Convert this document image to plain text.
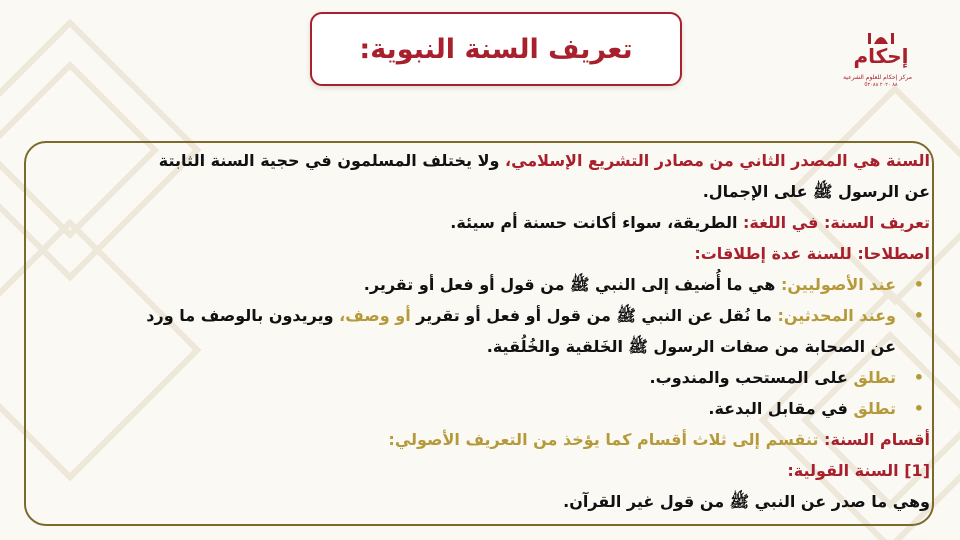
تعريف السنة النبوية:	إحكام
مركز إحكام للعلوم الشرعية
0٨٨ ٢٠٢٠ ٢٠٨٨
السنة هي المصدر الثاني من مصادر التشريع الإسلامي، ولا يختلف المسلمون في حجية السنة الثابتة
عن الرسول ﷺ على الإجمال.
تعريف السنة: في اللغة: الطريقة، سواء أكانت حسنة أم سيئة.
اصطلاحا: للسنة عدة إطلاقات:
• عند الأصوليين: هي ما أُضيف إلى النبي ﷺ من قول أو فعل أو تقرير.
• وعند المحدثين: ما نُقل عن النبي ﷺ من قول أو فعل أو تقرير أو وصف، ويريدون بالوصف ما ورد
عن الصحابة من صفات الرسول ﷺ الخَلقية والخُلُقية.
• تطلق على المستحب والمندوب.
• تطلق في مقابل البدعة.
أقسام السنة: تنقسم إلى ثلاث أقسام كما يؤخذ من التعريف الأصولي:
[1] السنة القولية:
وهي ما صدر عن النبي ﷺ من قول غير القرآن.
